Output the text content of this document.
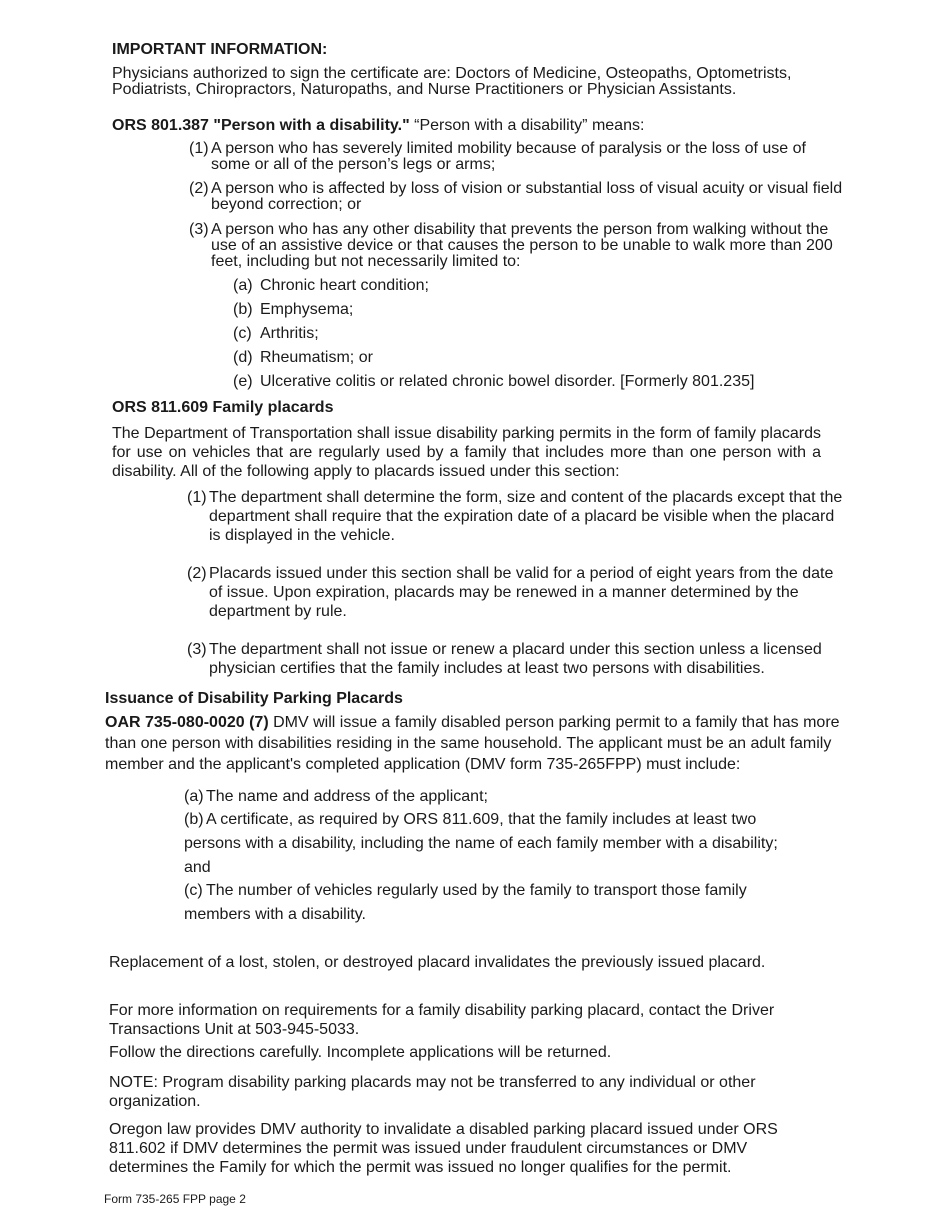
IMPORTANT INFORMATION:
Physicians authorized to sign the certificate are: Doctors of Medicine, Osteopaths, Optometrists, Podiatrists, Chiropractors, Naturopaths, and Nurse Practitioners or Physician Assistants.
ORS 801.387 "Person with a disability." “Person with a disability” means:
(1) A person who has severely limited mobility because of paralysis or the loss of use of some or all of the person’s legs or arms;
(2) A person who is affected by loss of vision or substantial loss of visual acuity or visual field beyond correction; or
(3) A person who has any other disability that prevents the person from walking without the use of an assistive device or that causes the person to be unable to walk more than 200 feet, including but not necessarily limited to:
(a) Chronic heart condition;
(b) Emphysema;
(c) Arthritis;
(d) Rheumatism; or
(e) Ulcerative colitis or related chronic bowel disorder. [Formerly 801.235]
ORS 811.609 Family placards
The Department of Transportation shall issue disability parking permits in the form of family placards for use on vehicles that are regularly used by a family that includes more than one person with a disability. All of the following apply to placards issued under this section:
(1) The department shall determine the form, size and content of the placards except that the department shall require that the expiration date of a placard be visible when the placard is displayed in the vehicle.
(2) Placards issued under this section shall be valid for a period of eight years from the date of issue. Upon expiration, placards may be renewed in a manner determined by the department by rule.
(3) The department shall not issue or renew a placard under this section unless a licensed physician certifies that the family includes at least two persons with disabilities.
Issuance of Disability Parking Placards
OAR 735-080-0020 (7) DMV will issue a family disabled person parking permit to a family that has more than one person with disabilities residing in the same household. The applicant must be an adult family member and the applicant's completed application (DMV form 735-265FPP) must include:
(a) The name and address of the applicant;
(b) A certificate, as required by ORS 811.609, that the family includes at least two persons with a disability, including the name of each family member with a disability; and
(c) The number of vehicles regularly used by the family to transport those family members with a disability.
Replacement of a lost, stolen, or destroyed placard invalidates the previously issued placard.
For more information on requirements for a family disability parking placard, contact the Driver Transactions Unit at 503-945-5033.
Follow the directions carefully. Incomplete applications will be returned.
NOTE: Program disability parking placards may not be transferred to any individual or other organization.
Oregon law provides DMV authority to invalidate a disabled parking placard issued under ORS 811.602 if DMV determines the permit was issued under fraudulent circumstances or DMV determines the Family for which the permit was issued no longer qualifies for the permit.
Form 735-265 FPP page 2
